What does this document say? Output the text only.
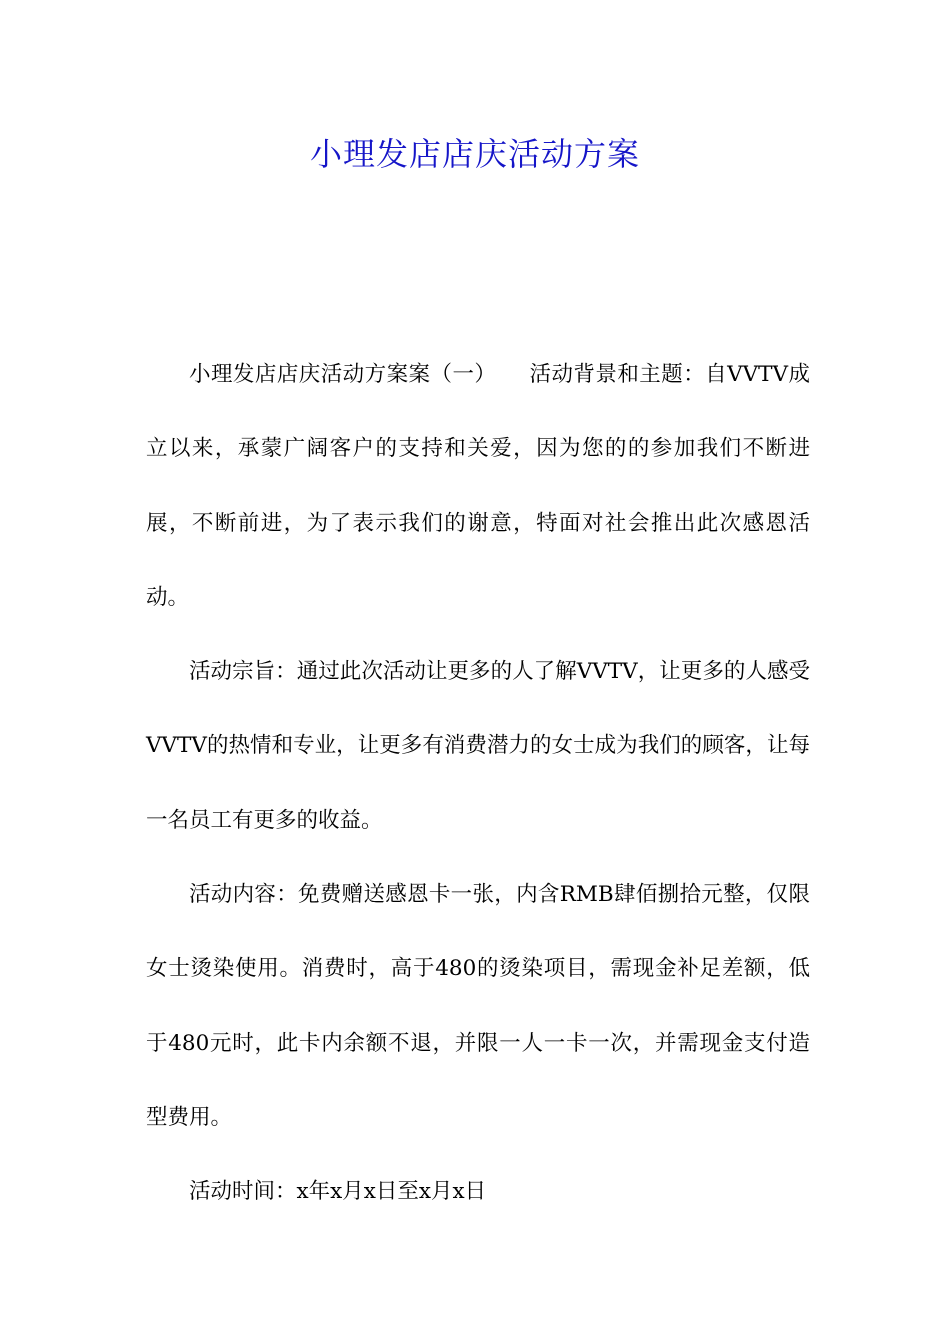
小理发店店庆活动方案

小理发店店庆活动方案案（一）　　活动背景和主题：自VVTV成立以来，承蒙广阔客户的支持和关爱，因为您的的参加我们不断进展，不断前进，为了表示我们的谢意，特面对社会推出此次感恩活动。

活动宗旨：通过此次活动让更多的人了解VVTV，让更多的人感受VVTV的热情和专业，让更多有消费潜力的女士成为我们的顾客，让每一名员工有更多的收益。

活动内容：免费赠送感恩卡一张，内含RMB肆佰捌拾元整，仅限女士烫染使用。消费时，高于480的烫染项目，需现金补足差额，低于480元时，此卡内余额不退，并限一人一卡一次，并需现金支付造型费用。

活动时间：x年x月x日至x月x日
